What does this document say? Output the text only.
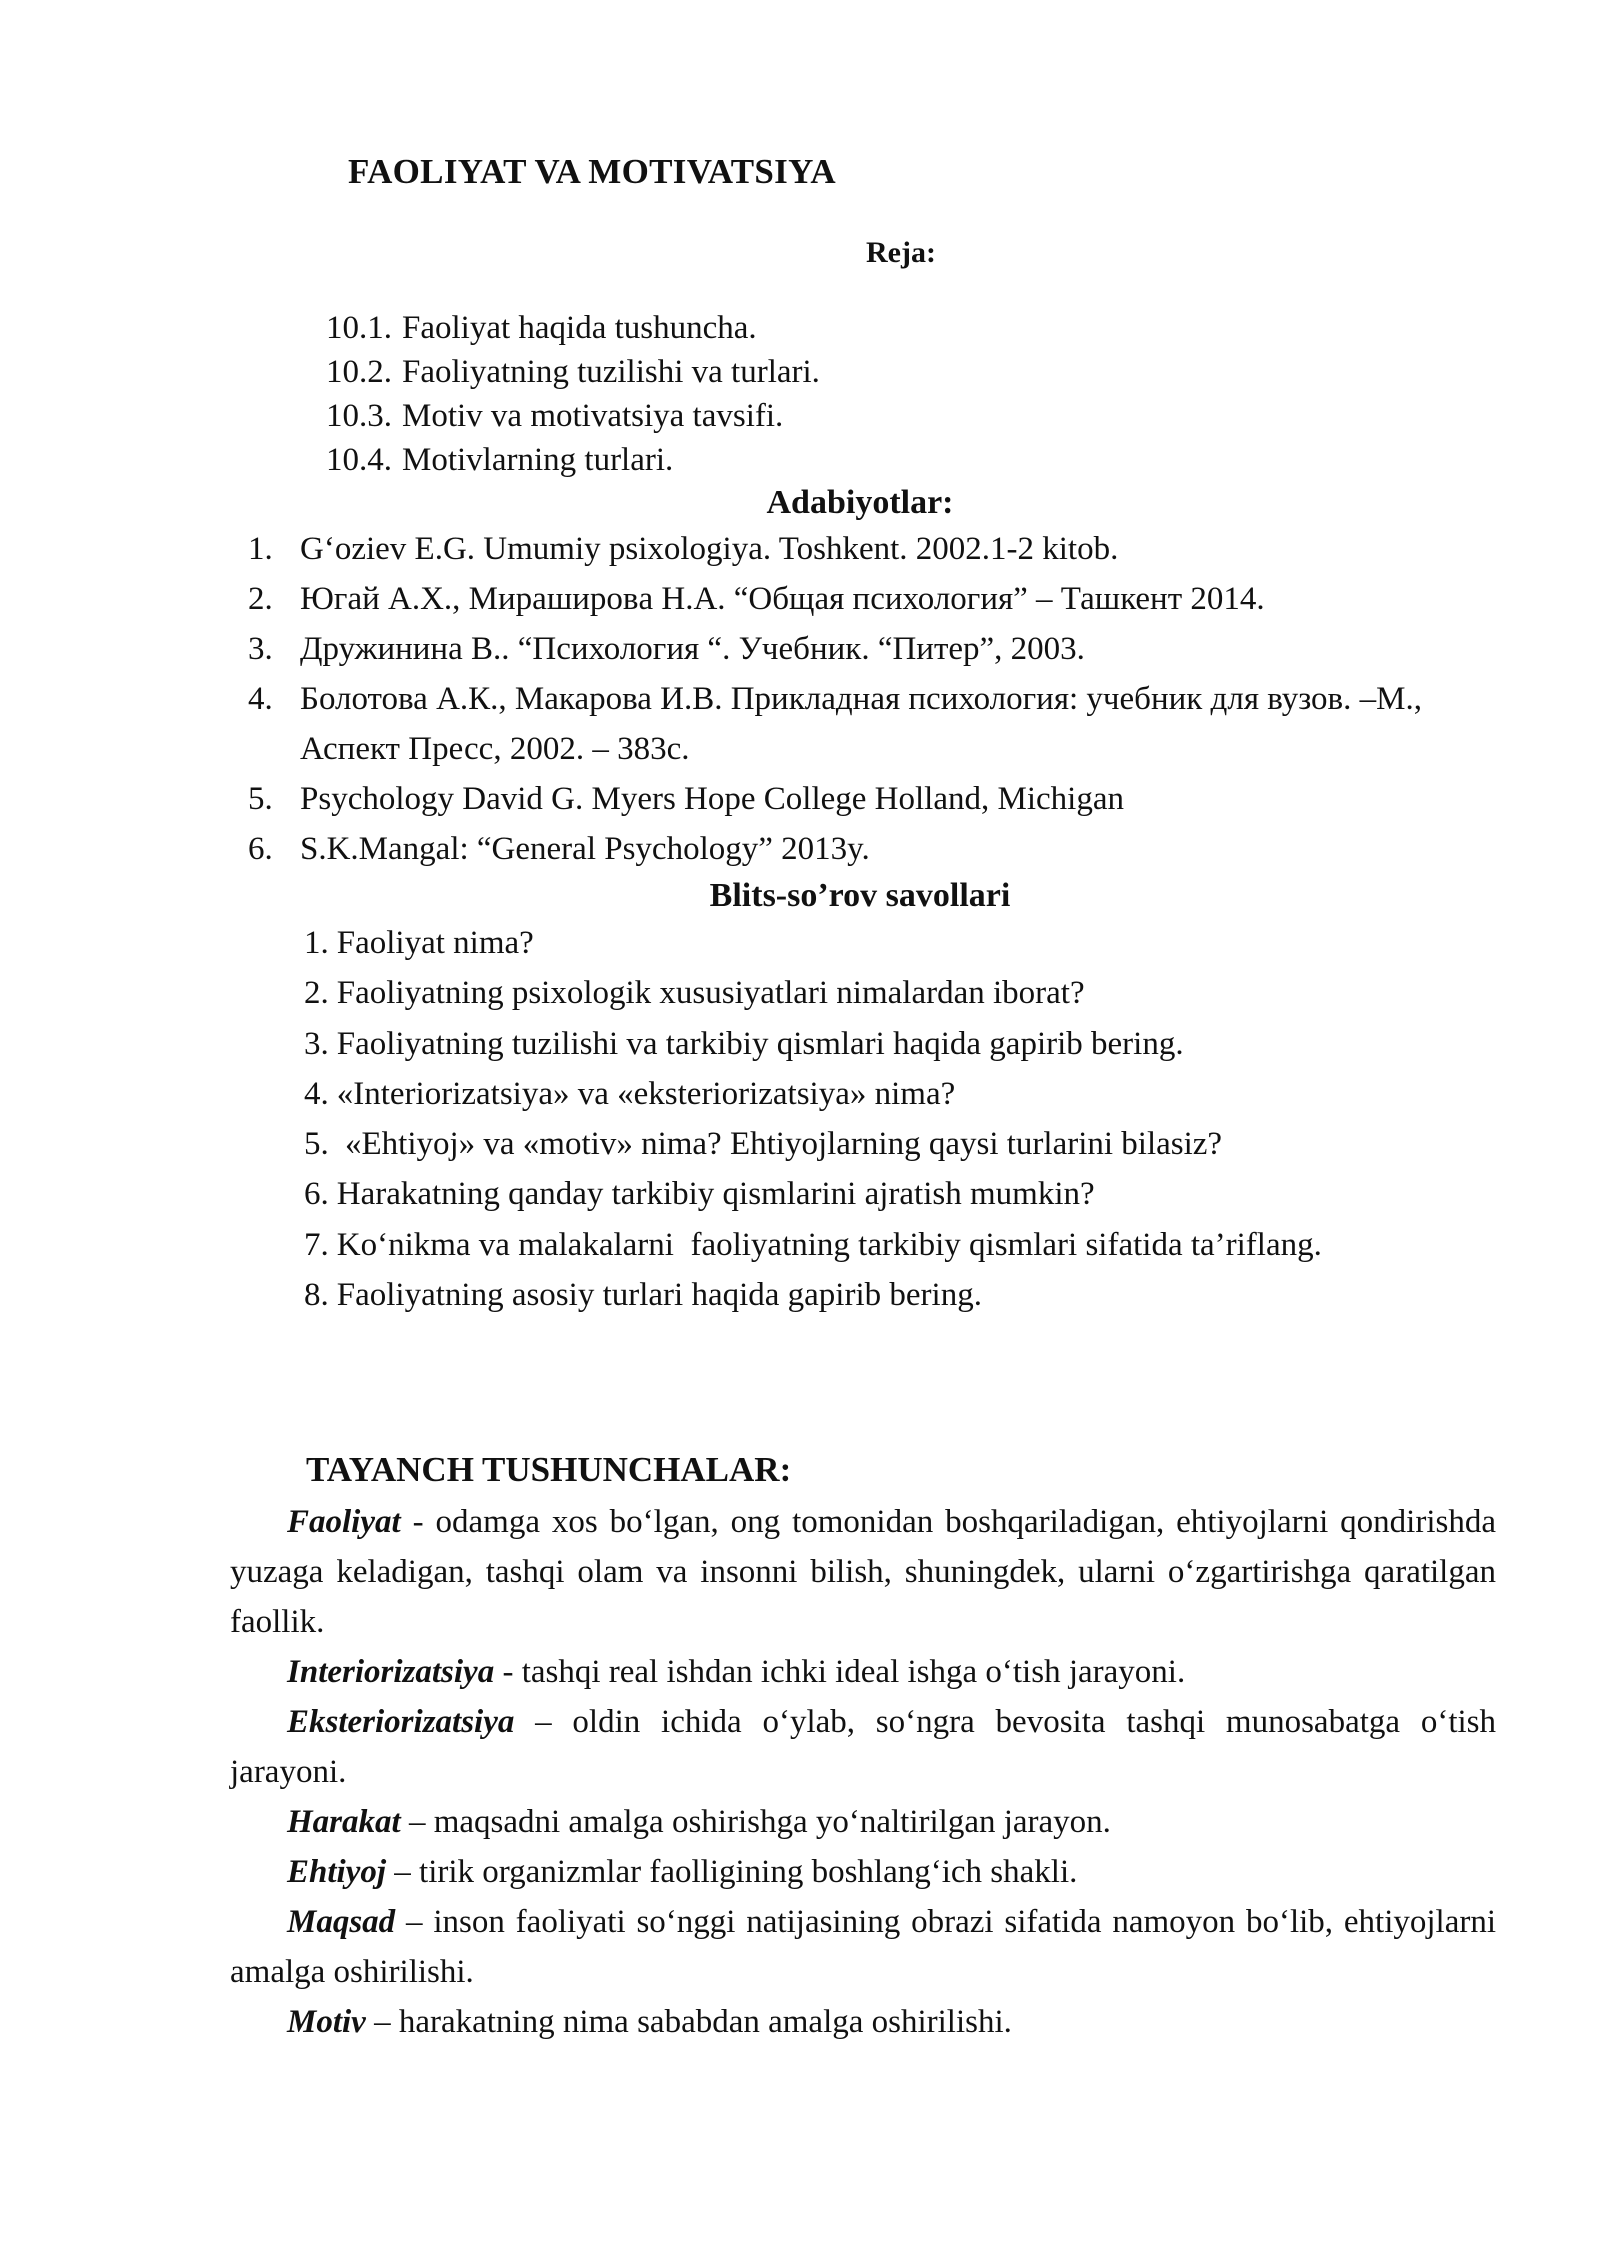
FAOLIYAT VA MOTIVATSIYA
Reja:
10.1. Faoliyat haqida tushuncha.
10.2. Faoliyatning tuzilishi va turlari.
10.3. Motiv va motivatsiya tavsifi.
10.4. Motivlarning turlari.
Adabiyotlar:
1. G‘oziev E.G. Umumiy psixologiya. Toshkent. 2002.1-2 kitob.
2. Югай А.Х., Мирашировa Н.А. “Общая психология” – Ташкент 2014.
3. Дружинина В.. “Психология “. Учебник. “Питер”, 2003.
4. Болотова А.К., Макарова И.В. Прикладная психология: учебник для вузов. –М., Аспект Пресс, 2002. – 383с.
5. Psychology David G. Myers Hope College Holland, Michigan
6. S.K.Mangal: “General Psychology” 2013y.
Blits-so’rov savollari
1. Faoliyat nima?
2. Faoliyatning psixologik xususiyatlari nimalardan iborat?
3. Faoliyatning tuzilishi va tarkibiy qismlari haqida gapirib bering.
4. «Interiorizatsiya» va «eksteriorizatsiya» nima?
5. «Ehtiyoj» va «motiv» nima? Ehtiyojlarning qaysi turlarini bilasiz?
6. Harakatning qanday tarkibiy qismlarini ajratish mumkin?
7. Ko‘nikma va malakalarni  faoliyatning tarkibiy qismlari sifatida ta’riflang.
8. Faoliyatning asosiy turlari haqida gapirib bering.
TAYANCH TUSHUNCHALAR:

Faoliyat - odamga xos bo‘lgan, ong tomonidan boshqariladigan, ehtiyojlarni qondirishda yuzaga keladigan, tashqi olam va insonni bilish, shuningdek, ularni o‘zgartirishga qaratilgan faollik.

Interiorizatsiya - tashqi real ishdan ichki ideal ishga o‘tish jarayoni.

Eksteriorizatsiya – oldin ichida o‘ylab, so‘ngra bevosita tashqi munosabatga o‘tish jarayoni.

Harakat – maqsadni amalga oshirishga yo‘naltirilgan jarayon.

Ehtiyoj – tirik organizmlar faolligining boshlang‘ich shakli.

Maqsad – inson faoliyati so‘nggi natijasining obrazi sifatida namoyon bo‘lib, ehtiyojlarni amalga oshirilishi.

Motiv – harakatning nima sababdan amalga oshirilishi.
